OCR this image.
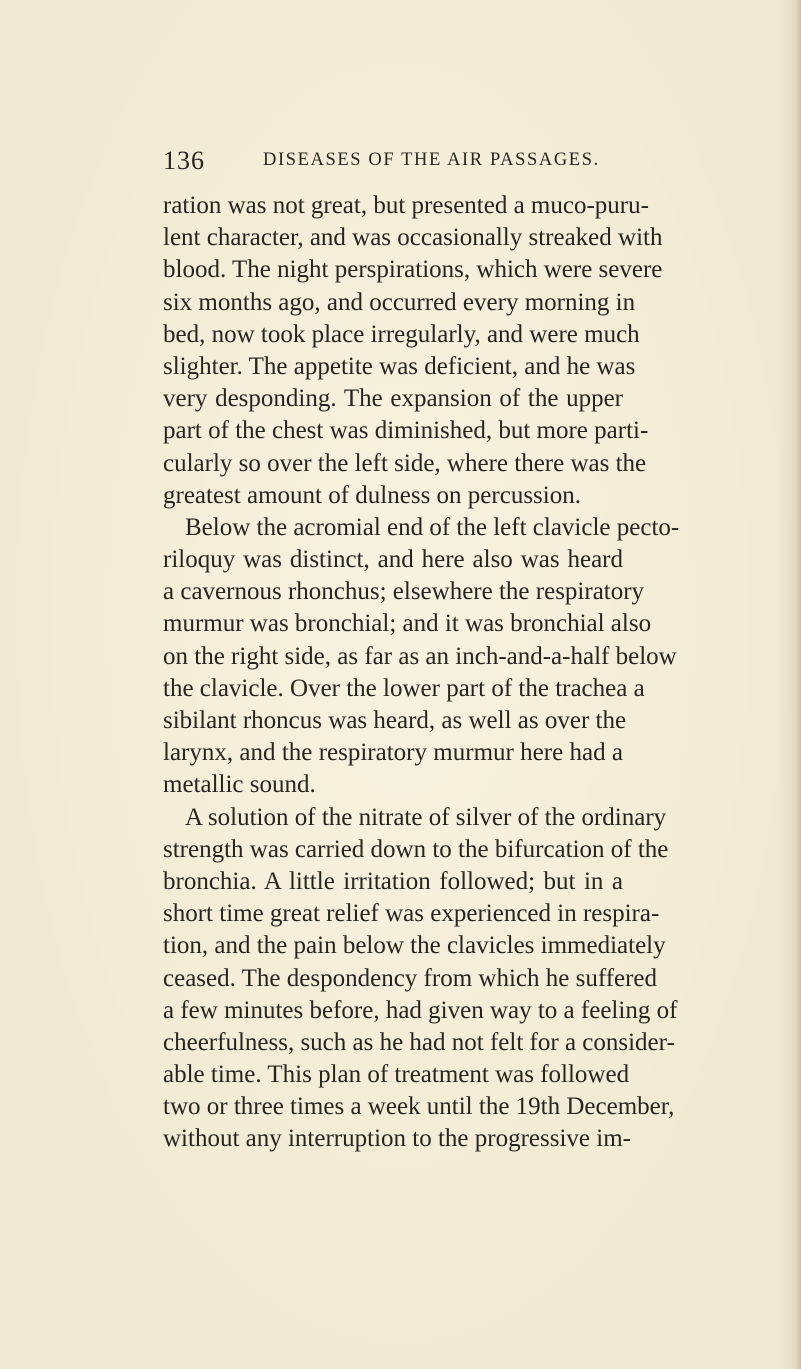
136	DISEASES OF THE AIR PASSAGES.
ration was not great, but presented a muco-puru-
lent character, and was occasionally streaked with
blood. The night perspirations, which were severe
six months ago, and occurred every morning in
bed, now took place irregularly, and were much
slighter. The appetite was deficient, and he was
very desponding. The expansion of the upper
part of the chest was diminished, but more parti-
cularly so over the left side, where there was the
greatest amount of dulness on percussion.
Below the acromial end of the left clavicle pecto-
riloquy was distinct, and here also was heard
a cavernous rhonchus; elsewhere the respiratory
murmur was bronchial; and it was bronchial also
on the right side, as far as an inch-and-a-half below
the clavicle. Over the lower part of the trachea a
sibilant rhoncus was heard, as well as over the
larynx, and the respiratory murmur here had a
metallic sound.
A solution of the nitrate of silver of the ordinary
strength was carried down to the bifurcation of the
bronchia. A little irritation followed; but in a
short time great relief was experienced in respira-
tion, and the pain below the clavicles immediately
ceased. The despondency from which he suffered
a few minutes before, had given way to a feeling of
cheerfulness, such as he had not felt for a consider-
able time. This plan of treatment was followed
two or three times a week until the 19th December,
without any interruption to the progressive im-
